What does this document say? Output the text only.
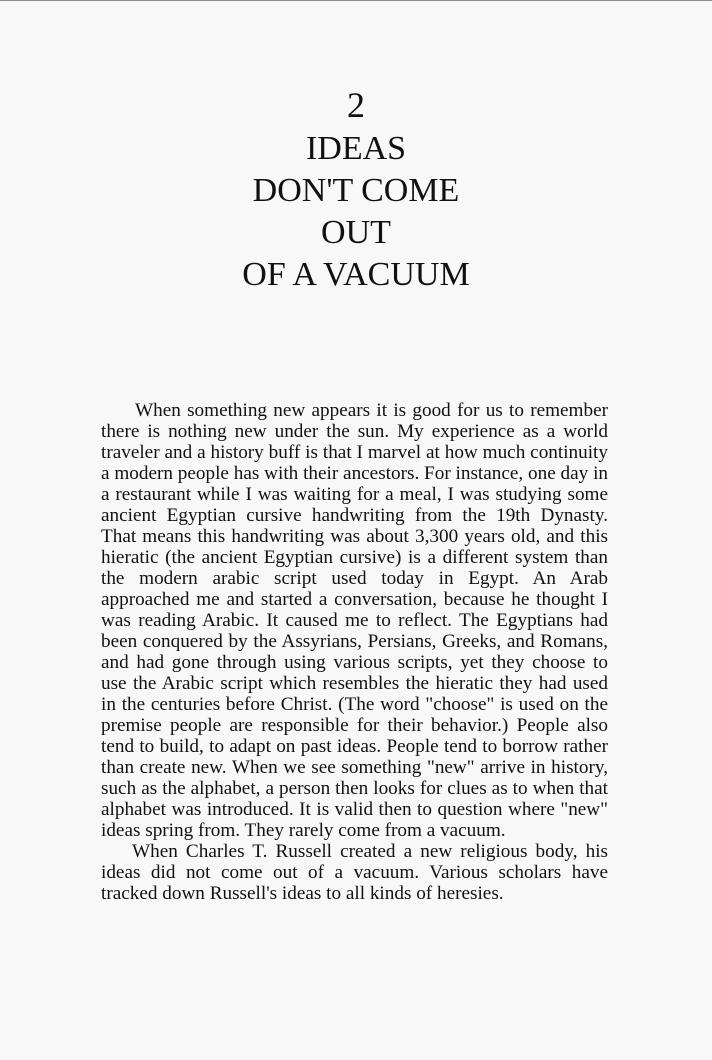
2
IDEAS
DON'T COME
OUT
OF A VACUUM

When something new appears it is good for us to remember there is nothing new under the sun. My experience as a world traveler and a history buff is that I marvel at how much continuity a modern people has with their ancestors. For instance, one day in a restaurant while I was waiting for a meal, I was studying some ancient Egyptian cursive handwriting from the 19th Dynasty. That means this handwriting was about 3,300 years old, and this hieratic (the ancient Egyptian cursive) is a different system than the modern arabic script used today in Egypt. An Arab approached me and started a conversation, because he thought I was reading Arabic. It caused me to reflect. The Egyptians had been conquered by the Assyrians, Persians, Greeks, and Romans, and had gone through using various scripts, yet they choose to use the Arabic script which resembles the hieratic they had used in the centuries before Christ. (The word "choose" is used on the premise people are responsible for their behavior.) People also tend to build, to adapt on past ideas. People tend to borrow rather than create new. When we see something "new" arrive in history, such as the alphabet, a person then looks for clues as to when that alphabet was introduced. It is valid then to question where "new" ideas spring from. They rarely come from a vacuum.

When Charles T. Russell created a new religious body, his ideas did not come out of a vacuum. Various scholars have tracked down Russell's ideas to all kinds of heresies.
